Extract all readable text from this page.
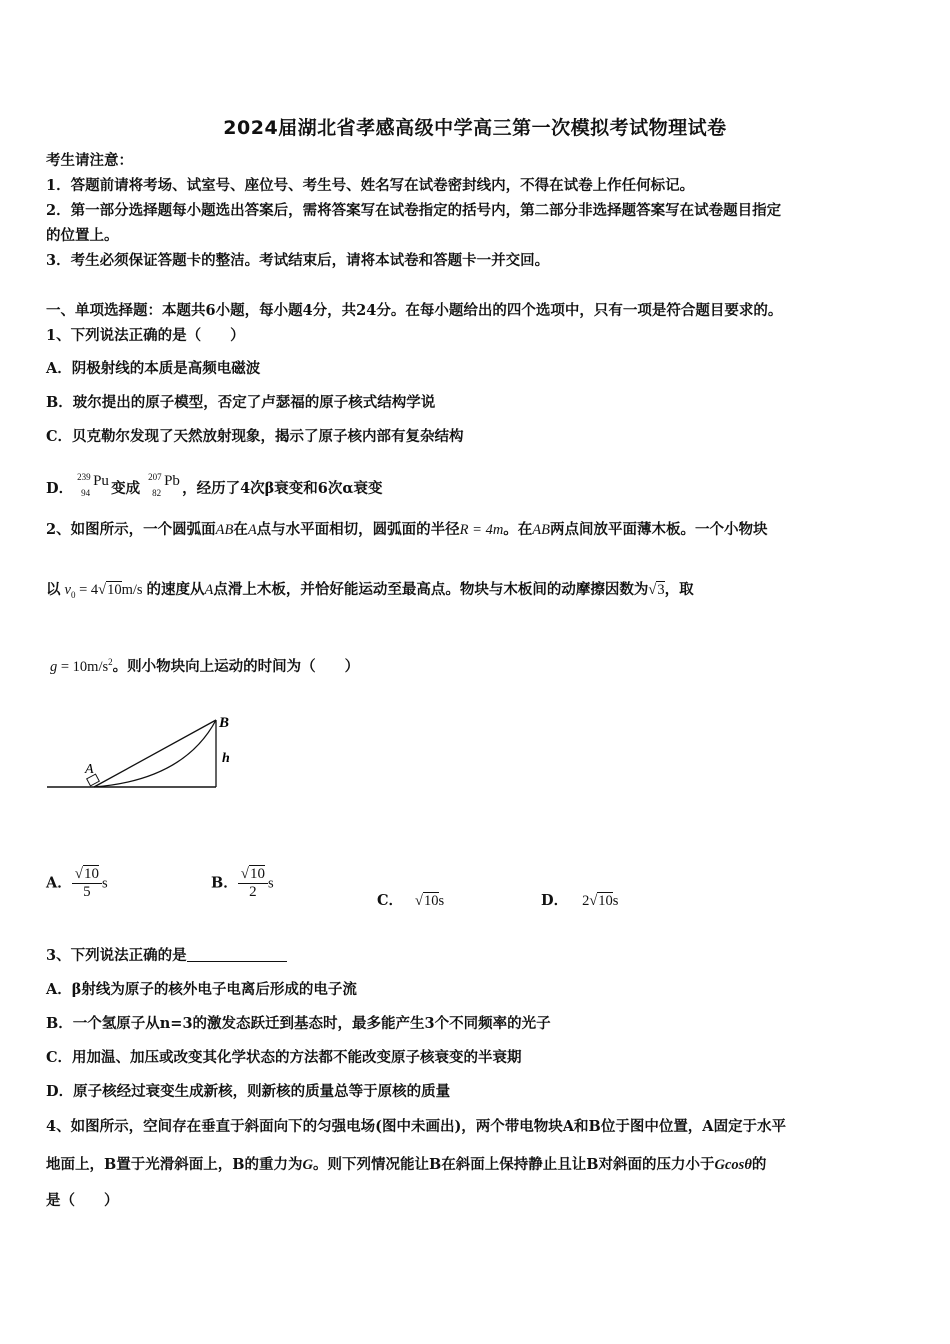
2024届湖北省孝感高级中学高三第一次模拟考试物理试卷
考生请注意：
1．答题前请将考场、试室号、座位号、考生号、姓名写在试卷密封线内，不得在试卷上作任何标记。
2．第一部分选择题每小题选出答案后，需将答案写在试卷指定的括号内，第二部分非选择题答案写在试卷题目指定
的位置上。
3．考生必须保证答题卡的整洁。考试结束后，请将本试卷和答题卡一并交回。
一、单项选择题：本题共6小题，每小题4分，共24分。在每小题给出的四个选项中，只有一项是符合题目要求的。
1、下列说法正确的是（　　）
A．阴极射线的本质是高频电磁波
B．玻尔提出的原子模型，否定了卢瑟福的原子核式结构学说
C．贝克勒尔发现了天然放射现象，揭示了原子核内部有复杂结构
D．
239
94
Pu 变成
207
82
Pb ，经历了4次β衰变和6次α衰变
2、如图所示，一个圆弧面AB在A点与水平面相切，圆弧面的半径R = 4m。在AB两点间放平面薄木板。一个小物块
以 $v_0 = 4√10m/s$ 的速度从A点滑上木板，并恰好能运动至最高点。物块与木板间的动摩擦因数为√3，取
$g = 10m/s^2$。则小物块向上运动的时间为（　　）
B
A
h
A． $\frac{√10}{5}$ s	B． $\frac{√10}{2}$ s
C． √10s	D． 2√10s
3、下列说法正确的是
A．β射线为原子的核外电子电离后形成的电子流
B．一个氢原子从n=3的激发态跃迁到基态时，最多能产生3个不同频率的光子
C．用加温、加压或改变其化学状态的方法都不能改变原子核衰变的半衰期
D．原子核经过衰变生成新核，则新核的质量总等于原核的质量
4、如图所示，空间存在垂直于斜面向下的匀强电场(图中未画出)，两个带电物块A和B位于图中位置，A固定于水平
地面上，B置于光滑斜面上，B的重力为G。则下列情况能让B在斜面上保持静止且让B对斜面的压力小于Gcosθ的
是（　　）
